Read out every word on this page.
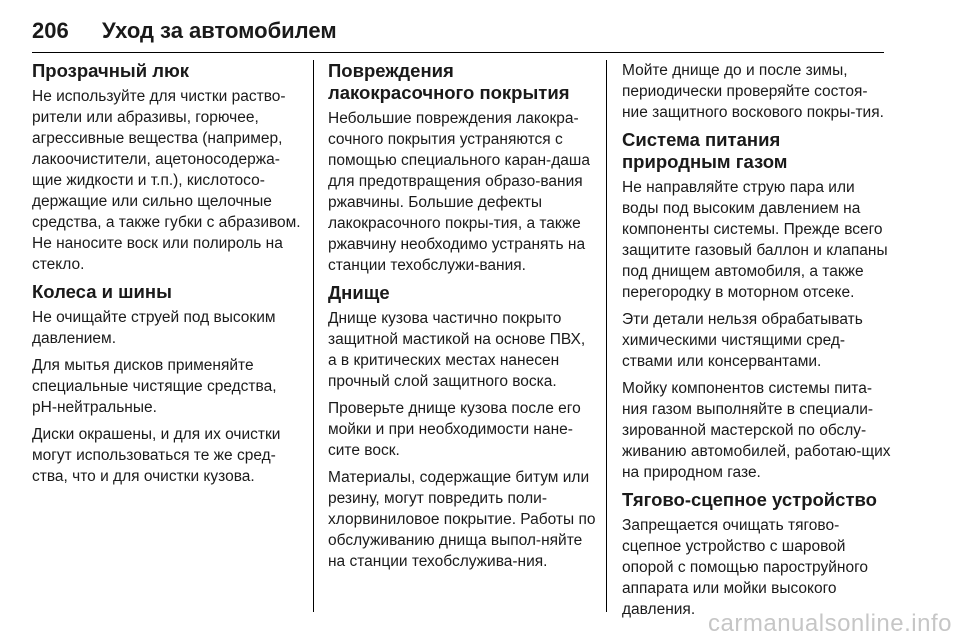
206	Уход за автомобилем
Прозрачный люк

Не используйте для чистки раство-рители или абразивы, горючее, агрессивные вещества (например, лакоочистители, ацетоносодержа-щие жидкости и т.п.), кислотосо-держащие или сильно щелочные средства, а также губки с абразивом. Не наносите воск или полироль на стекло.

Колеса и шины

Не очищайте струей под высоким давлением.

Для мытья дисков применяйте специальные чистящие средства, pH-нейтральные.

Диски окрашены, и для их очистки могут использоваться те же сред-ства, что и для очистки кузова.

Повреждения лакокрасочного покрытия

Небольшие повреждения лакокра-сочного покрытия устраняются с помощью специального каран-даша для предотвращения образо-вания ржавчины. Большие дефекты лакокрасочного покры-тия, а также ржавчину необходимо устранять на станции техобслужи-вания.

Днище

Днище кузова частично покрыто защитной мастикой на основе ПВХ, а в критических местах нанесен прочный слой защитного воска.

Проверьте днище кузова после его мойки и при необходимости нане-сите воск.

Материалы, содержащие битум или резину, могут повредить поли-хлорвиниловое покрытие. Работы по обслуживанию днища выпол-няйте на станции техобслужива-ния.

Мойте днище до и после зимы, периодически проверяйте состоя-ние защитного воскового покры-тия.

Система питания природным газом

Не направляйте струю пара или воды под высоким давлением на компоненты системы. Прежде всего защитите газовый баллон и клапаны под днищем автомобиля, а также перегородку в моторном отсеке.

Эти детали нельзя обрабатывать химическими чистящими сред-ствами или консервантами.

Мойку компонентов системы пита-ния газом выполняйте в специали-зированной мастерской по обслу-живанию автомобилей, работаю-щих на природном газе.

Тягово-сцепное устройство

Запрещается очищать тягово-сцепное устройство с шаровой опорой с помощью пароструйного аппарата или мойки высокого давления.

carmanualsonline.info
